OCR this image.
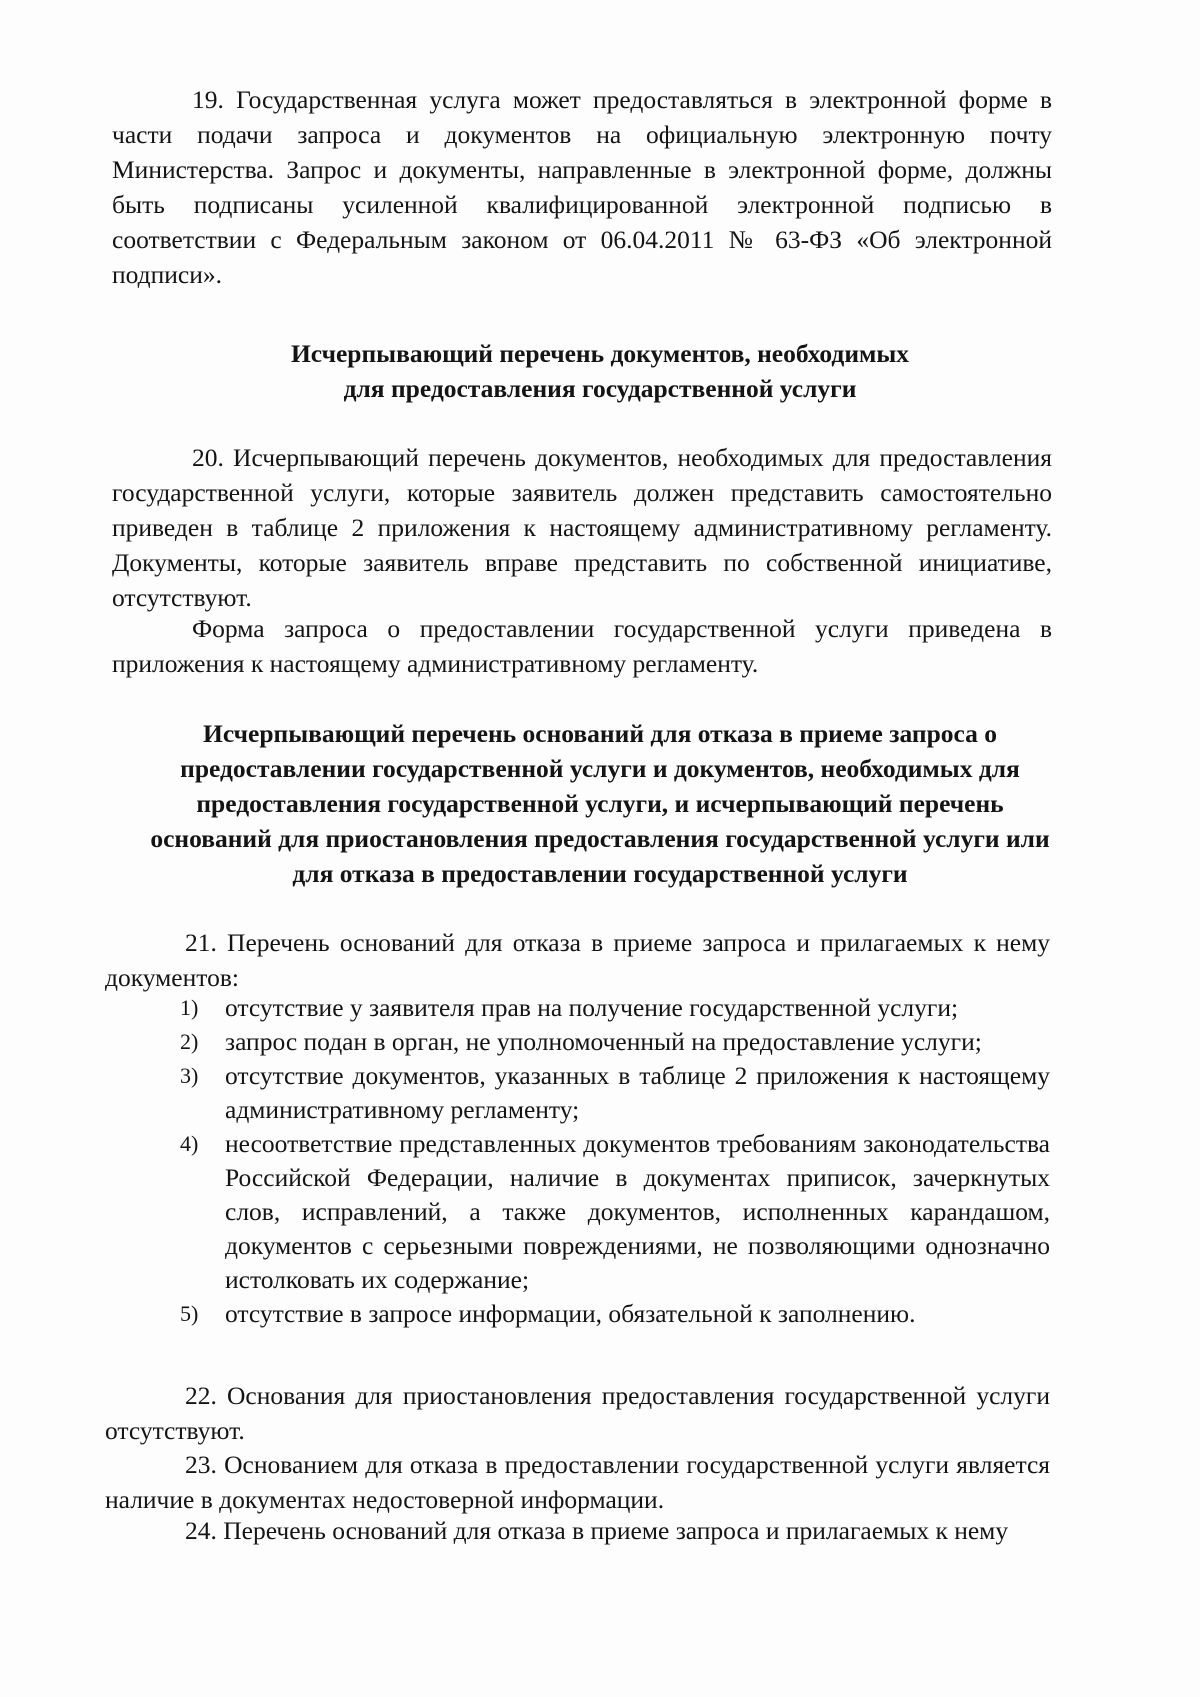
19. Государственная услуга может предоставляться в электронной форме в части подачи запроса и документов на официальную электронную почту Министерства. Запрос и документы, направленные в электронной форме, должны быть подписаны усиленной квалифицированной электронной подписью в соответствии с Федеральным законом от 06.04.2011 № 63-ФЗ «Об электронной подписи».

Исчерпывающий перечень документов, необходимых
для предоставления государственной услуги

20. Исчерпывающий перечень документов, необходимых для предоставления государственной услуги, которые заявитель должен представить самостоятельно приведен в таблице 2 приложения к настоящему административному регламенту. Документы, которые заявитель вправе представить по собственной инициативе, отсутствуют.

Форма запроса о предоставлении государственной услуги приведена в приложения к настоящему административному регламенту.

Исчерпывающий перечень оснований для отказа в приеме запроса о
предоставлении государственной услуги и документов, необходимых для
предоставления государственной услуги, и исчерпывающий перечень
оснований для приостановления предоставления государственной услуги или
для отказа в предоставлении государственной услуги

21. Перечень оснований для отказа в приеме запроса и прилагаемых к нему документов:

1) отсутствие у заявителя прав на получение государственной услуги;
2) запрос подан в орган, не уполномоченный на предоставление услуги;
3) отсутствие документов, указанных в таблице 2 приложения к настоящему административному регламенту;
4) несоответствие представленных документов требованиям законодательства Российской Федерации, наличие в документах приписок, зачеркнутых слов, исправлений, а также документов, исполненных карандашом, документов с серьезными повреждениями, не позволяющими однозначно истолковать их содержание;
5) отсутствие в запросе информации, обязательной к заполнению.

22. Основания для приостановления предоставления государственной услуги отсутствуют.

23. Основанием для отказа в предоставлении государственной услуги является наличие в документах недостоверной информации.

24. Перечень оснований для отказа в приеме запроса и прилагаемых к нему
